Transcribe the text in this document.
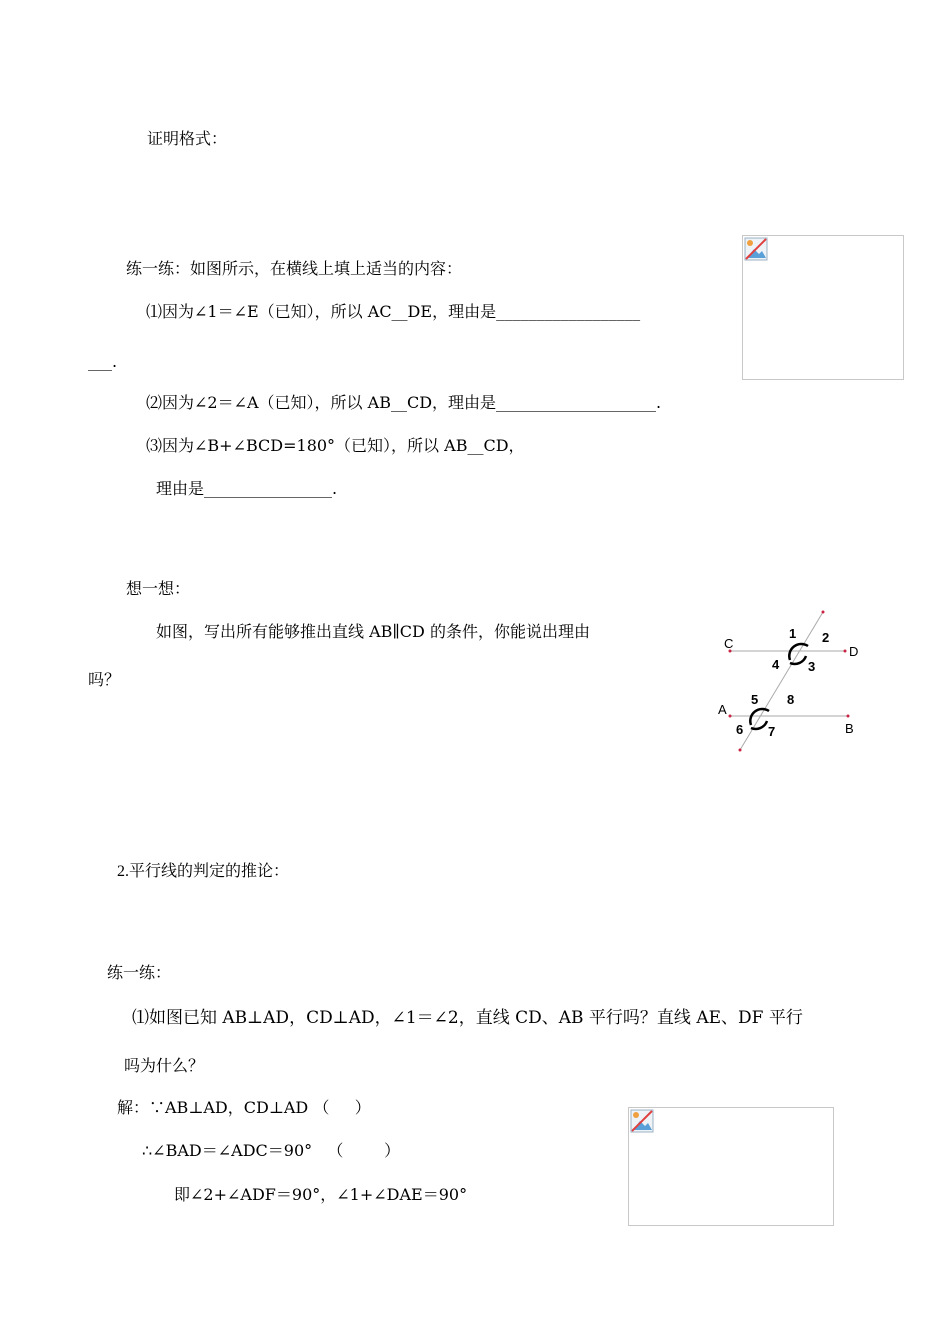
证明格式：
练一练：如图所示，在横线上填上适当的内容：
⑴因为∠1＝∠E（已知），所以 AC__DE，理由是__________________
___.
⑵因为∠2＝∠A（已知），所以 AB__CD，理由是____________________.
⑶因为∠B+∠BCD=180°（已知），所以 AB__CD，
理由是________________.
想一想：
如图，写出所有能够推出直线 AB∥CD 的条件，你能说出理由
吗？
C
D
A
B
1 2
3
4
5 8
6 7
2.平行线的判定的推论：
练一练：
⑴如图已知 AB⊥AD，CD⊥AD，∠1＝∠2，直线 CD、AB 平行吗？直线 AE、DF 平行
吗为什么？
解：∵AB⊥AD，CD⊥AD （     ）
∴∠BAD＝∠ADC＝90°   （        ）
即∠2+∠ADF＝90°，∠1+∠DAE＝90°
